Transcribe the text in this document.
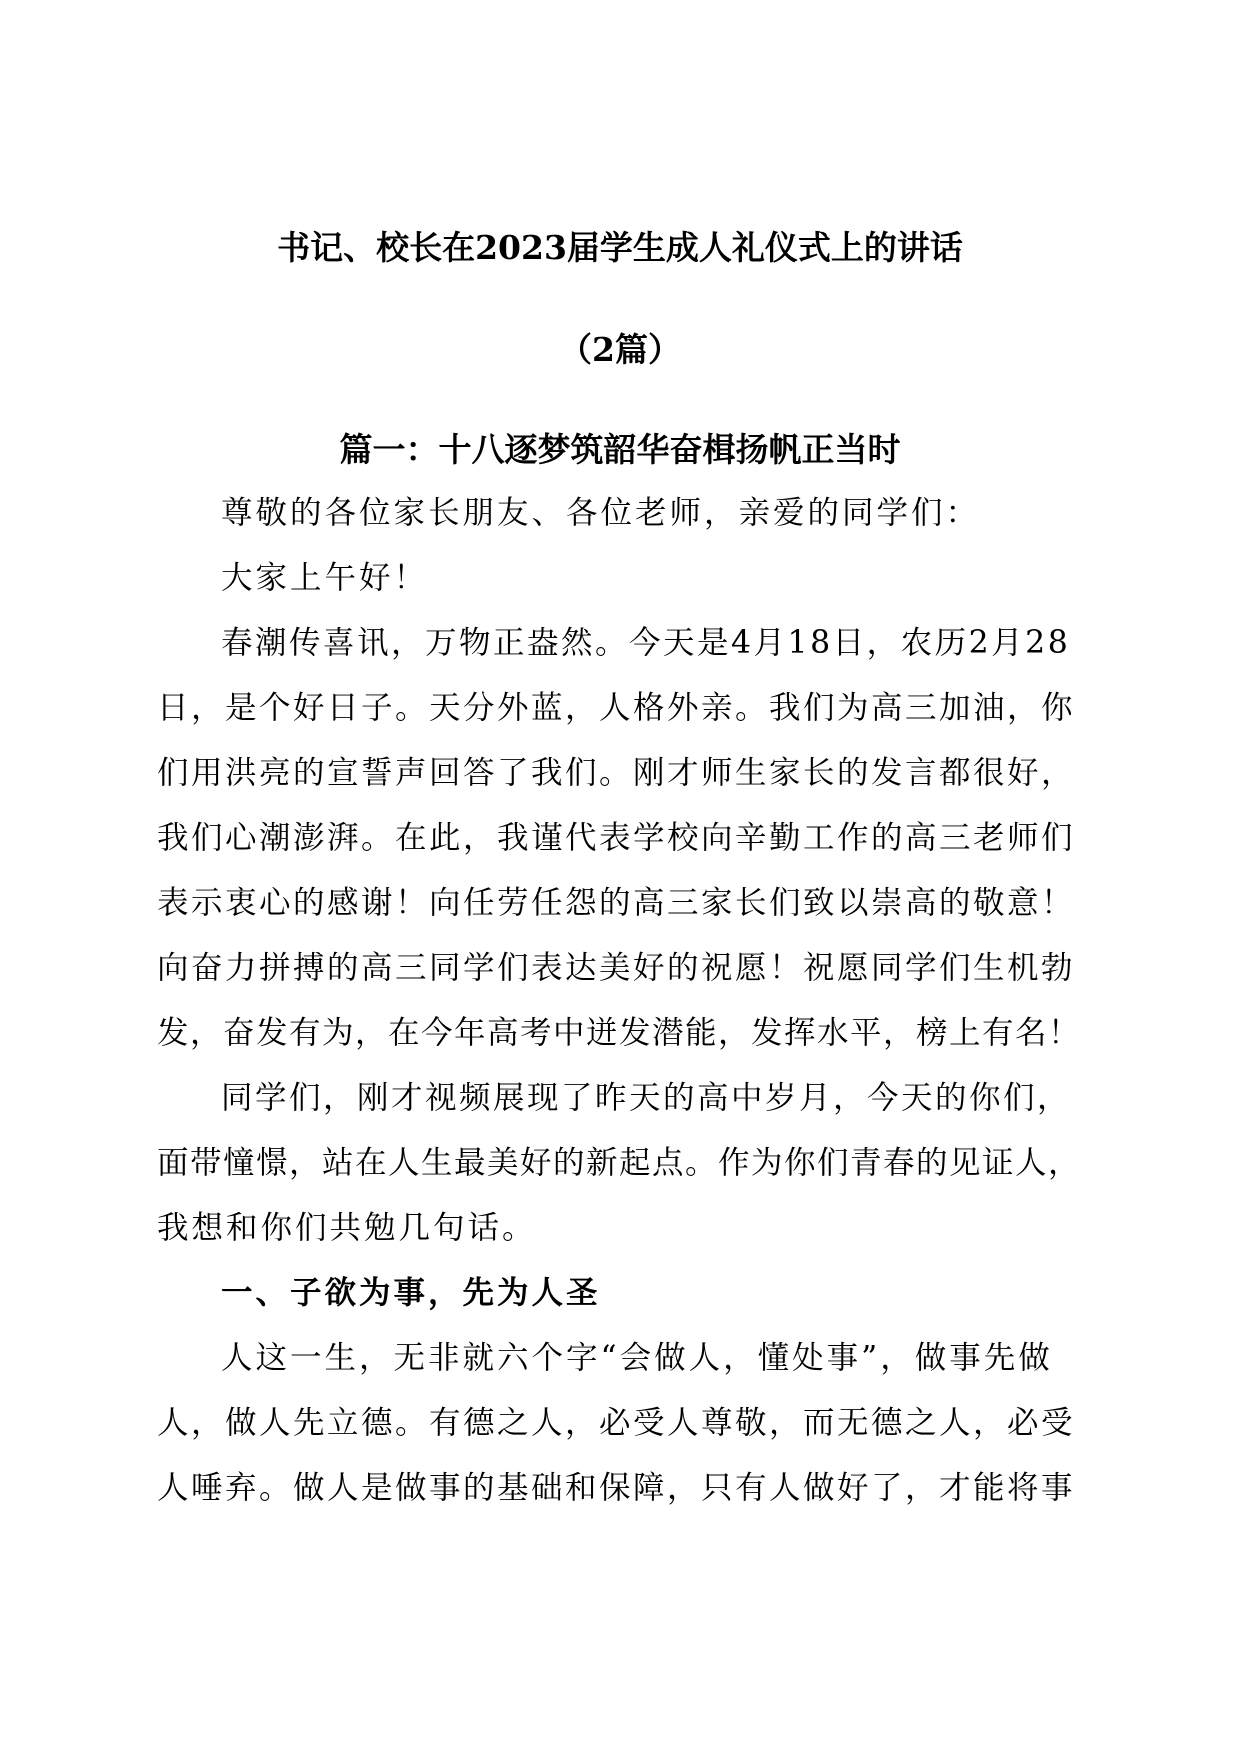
书记、校长在2023届学生成人礼仪式上的讲话
（2篇）
篇一：十八逐梦筑韶华奋楫扬帆正当时
尊敬的各位家长朋友、各位老师，亲爱的同学们：
大家上午好！
春潮传喜讯，万物正盎然。今天是4月18日，农历2月28
日，是个好日子。天分外蓝，人格外亲。我们为高三加油，你
们用洪亮的宣誓声回答了我们。刚才师生家长的发言都很好，
我们心潮澎湃。在此，我谨代表学校向辛勤工作的高三老师们
表示衷心的感谢！向任劳任怨的高三家长们致以崇高的敬意！
向奋力拼搏的高三同学们表达美好的祝愿！祝愿同学们生机勃
发，奋发有为，在今年高考中迸发潜能，发挥水平，榜上有名！
同学们，刚才视频展现了昨天的高中岁月，今天的你们，
面带憧憬，站在人生最美好的新起点。作为你们青春的见证人，
我想和你们共勉几句话。
一、子欲为事，先为人圣
人这一生，无非就六个字“会做人，懂处事”，做事先做
人，做人先立德。有德之人，必受人尊敬，而无德之人，必受
人唾弃。做人是做事的基础和保障，只有人做好了，才能将事
